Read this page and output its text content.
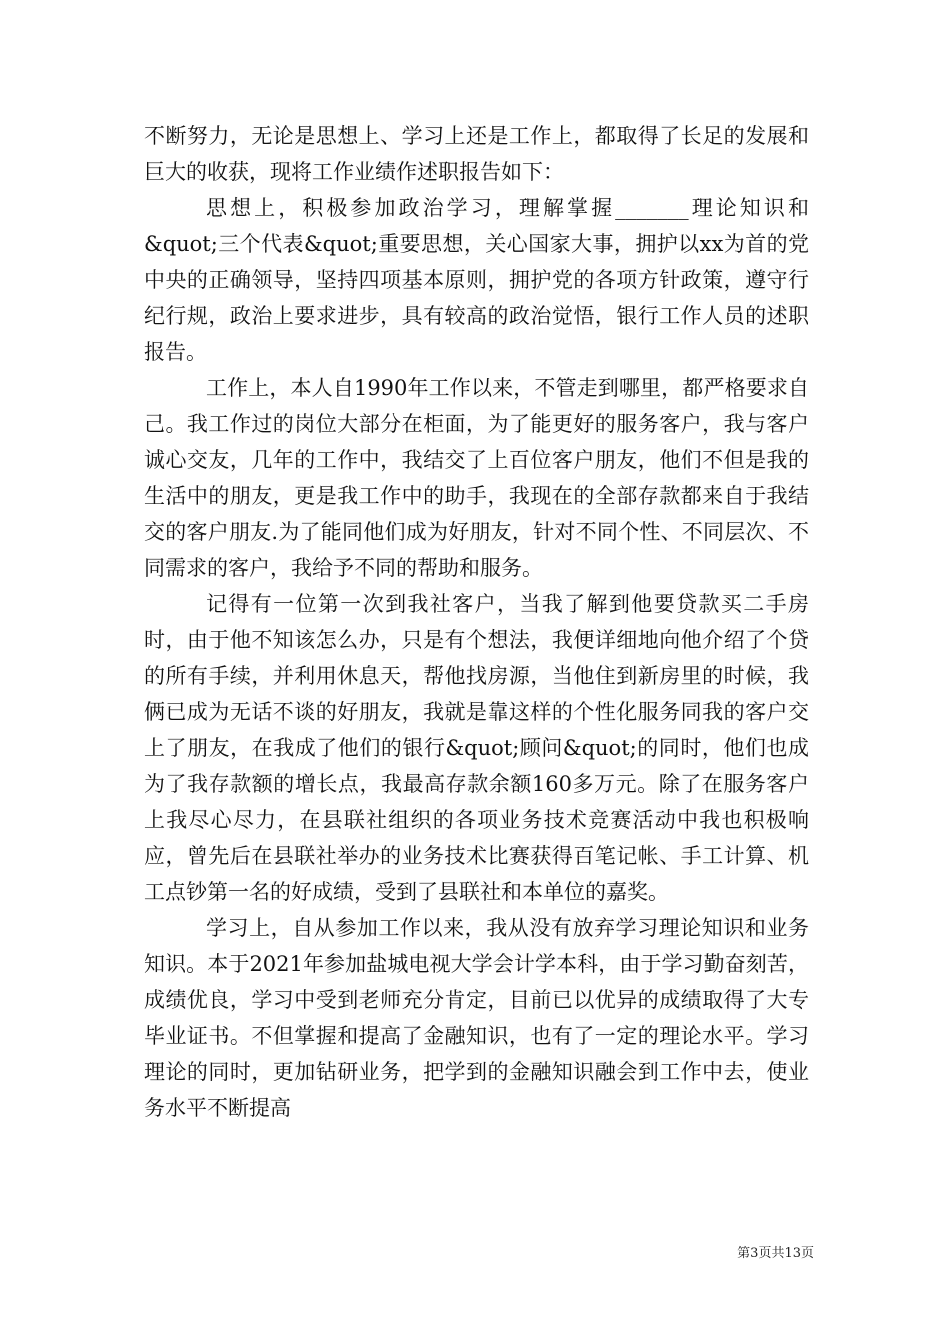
不断努力，无论是思想上、学习上还是工作上，都取得了长足的发展和巨大的收获，现将工作业绩作述职报告如下：

思想上，积极参加政治学习，理解掌握_______理论知识和&quot;三个代表&quot;重要思想，关心国家大事，拥护以xx为首的党中央的正确领导，坚持四项基本原则，拥护党的各项方针政策，遵守行纪行规，政治上要求进步，具有较高的政治觉悟，银行工作人员的述职报告。

工作上，本人自1990年工作以来，不管走到哪里，都严格要求自己。我工作过的岗位大部分在柜面，为了能更好的服务客户，我与客户诚心交友，几年的工作中，我结交了上百位客户朋友，他们不但是我的生活中的朋友，更是我工作中的助手，我现在的全部存款都来自于我结交的客户朋友.为了能同他们成为好朋友，针对不同个性、不同层次、不同需求的客户，我给予不同的帮助和服务。

记得有一位第一次到我社客户，当我了解到他要贷款买二手房时，由于他不知该怎么办，只是有个想法，我便详细地向他介绍了个贷的所有手续，并利用休息天，帮他找房源，当他住到新房里的时候，我俩已成为无话不谈的好朋友，我就是靠这样的个性化服务同我的客户交上了朋友，在我成了他们的银行&quot;顾问&quot;的同时，他们也成为了我存款额的增长点，我最高存款余额160多万元。除了在服务客户上我尽心尽力，在县联社组织的各项业务技术竞赛活动中我也积极响应，曾先后在县联社举办的业务技术比赛获得百笔记帐、手工计算、机工点钞第一名的好成绩，受到了县联社和本单位的嘉奖。

学习上，自从参加工作以来，我从没有放弃学习理论知识和业务知识。本于2021年参加盐城电视大学会计学本科，由于学习勤奋刻苦，成绩优良，学习中受到老师充分肯定，目前已以优异的成绩取得了大专毕业证书。不但掌握和提高了金融知识，也有了一定的理论水平。学习理论的同时，更加钻研业务，把学到的金融知识融会到工作中去，使业务水平不断提高

第3页共13页
